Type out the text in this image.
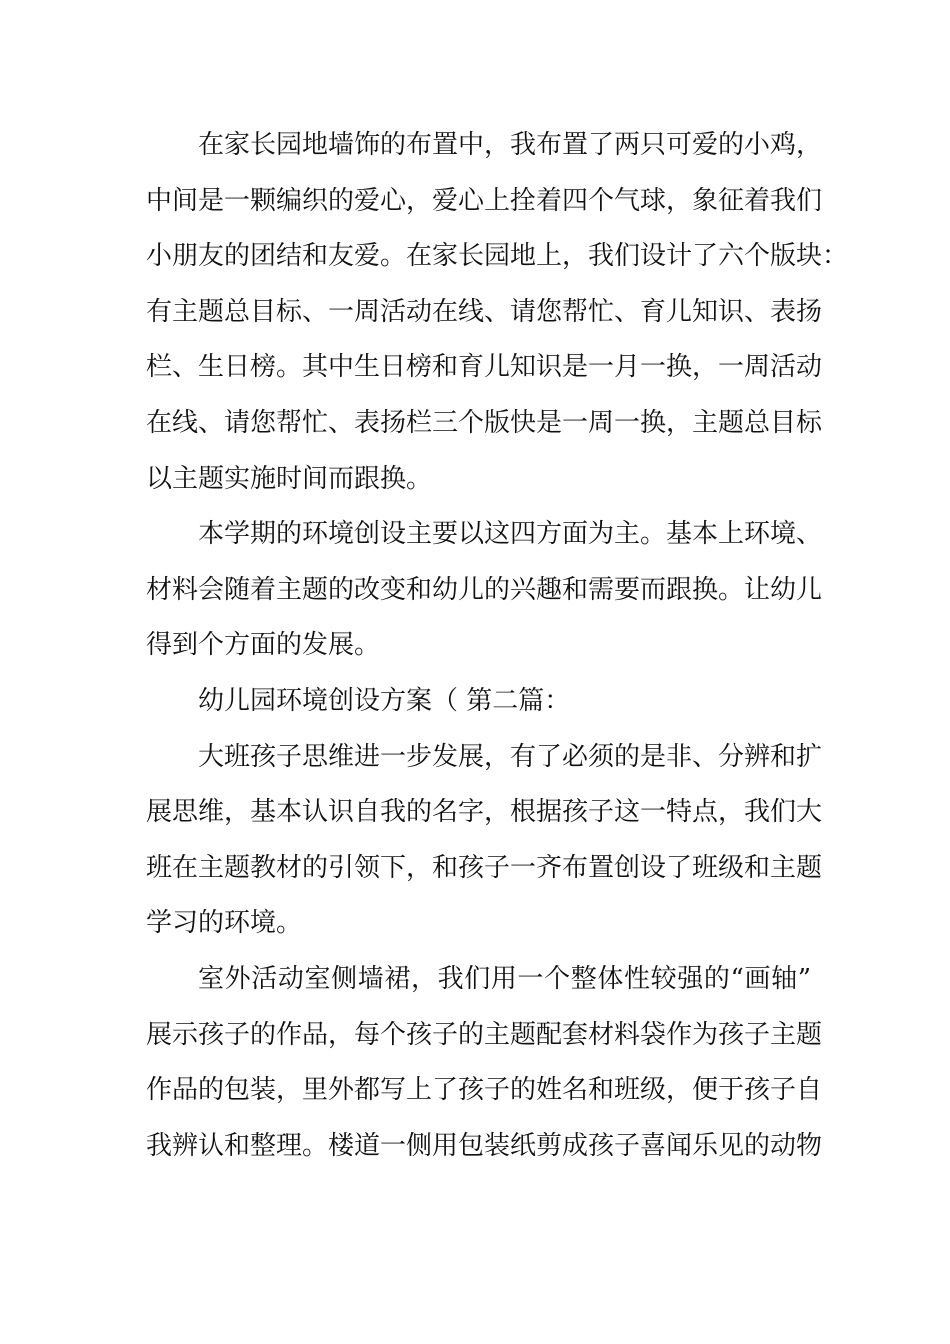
在家长园地墙饰的布置中，我布置了两只可爱的小鸡，
中间是一颗编织的爱心，爱心上拴着四个气球，象征着我们
小朋友的团结和友爱。在家长园地上，我们设计了六个版块：
有主题总目标、一周活动在线、请您帮忙、育儿知识、表扬
栏、生日榜。其中生日榜和育儿知识是一月一换，一周活动
在线、请您帮忙、表扬栏三个版快是一周一换，主题总目标
以主题实施时间而跟换。
本学期的环境创设主要以这四方面为主。基本上环境、
材料会随着主题的改变和幼儿的兴趣和需要而跟换。让幼儿
得到个方面的发展。
幼儿园环境创设方案（ 第二篇：
大班孩子思维进一步发展，有了必须的是非、分辨和扩
展思维，基本认识自我的名字，根据孩子这一特点，我们大
班在主题教材的引领下，和孩子一齐布置创设了班级和主题
学习的环境。
室外活动室侧墙裙，我们用一个整体性较强的“画轴”
展示孩子的作品，每个孩子的主题配套材料袋作为孩子主题
作品的包装，里外都写上了孩子的姓名和班级，便于孩子自
我辨认和整理。楼道一侧用包装纸剪成孩子喜闻乐见的动物
